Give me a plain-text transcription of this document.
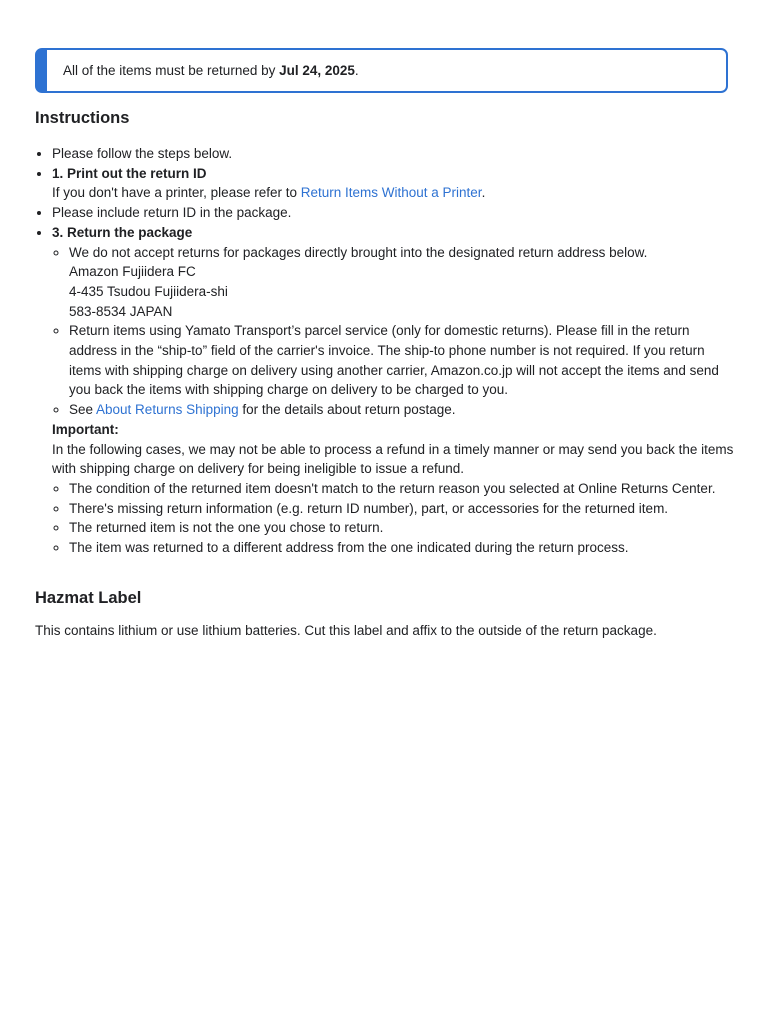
All of the items must be returned by Jul 24, 2025.
Instructions
• Please follow the steps below.
• 1. Print out the return ID
If you don't have a printer, please refer to Return Items Without a Printer.
• Please include return ID in the package.
• 3. Return the package
◦ We do not accept returns for packages directly brought into the designated return address below.
Amazon Fujiidera FC
4-435 Tsudou Fujiidera-shi
583-8534 JAPAN
◦ Return items using Yamato Transport’s parcel service (only for domestic returns). Please fill in the return address in the “ship-to” field of the carrier's invoice. The ship-to phone number is not required. If you return items with shipping charge on delivery using another carrier, Amazon.co.jp will not accept the items and send you back the items with shipping charge on delivery to be charged to you.
◦ See About Returns Shipping for the details about return postage.
Important:
In the following cases, we may not be able to process a refund in a timely manner or may send you back the items with shipping charge on delivery for being ineligible to issue a refund.
◦ The condition of the returned item doesn't match to the return reason you selected at Online Returns Center.
◦ There's missing return information (e.g. return ID number), part, or accessories for the returned item.
◦ The returned item is not the one you chose to return.
◦ The item was returned to a different address from the one indicated during the return process.
Hazmat Label
This contains lithium or use lithium batteries. Cut this label and affix to the outside of the return package.
